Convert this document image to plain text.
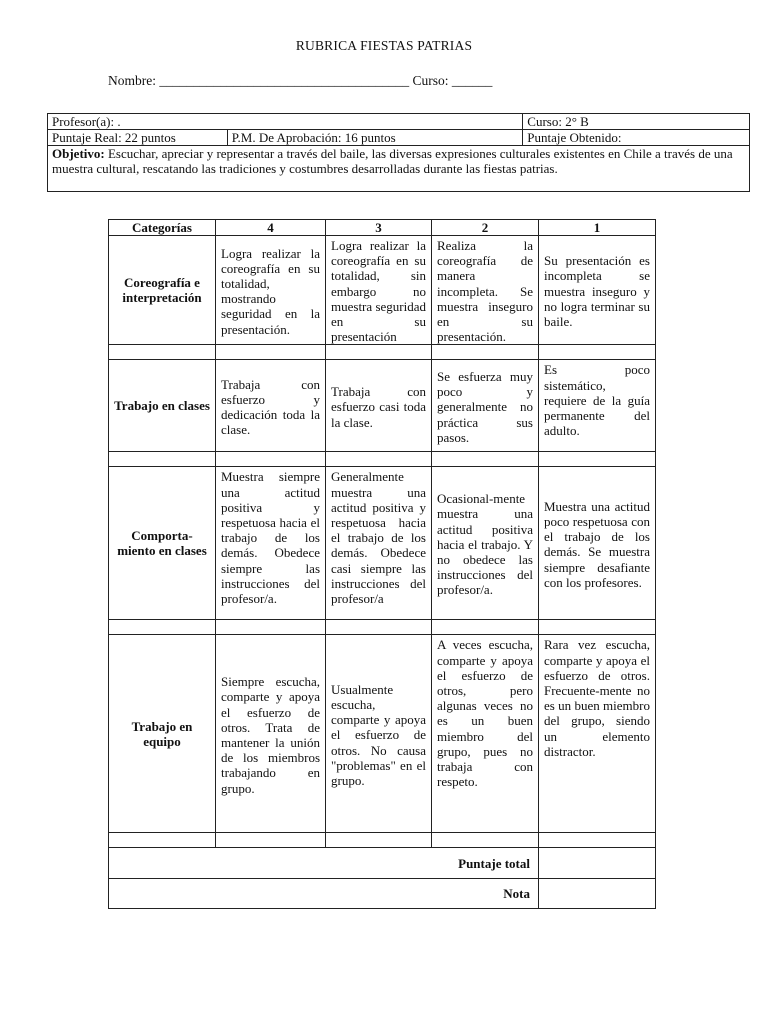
RUBRICA FIESTAS PATRIAS
Nombre: _____________________________________ Curso: ______
Profesor(a): .		Curso: 2° B
Puntaje Real: 22 puntos	P.M. De Aprobación: 16 puntos	Puntaje Obtenido:
Objetivo: Escuchar, apreciar y representar a través del baile, las diversas expresiones culturales existentes en Chile a través de una muestra cultural, rescatando las tradiciones y costumbres desarrolladas durante las fiestas patrias.		
Categorías	4	3	2	1
Coreografía e interpretación	Logra realizar la coreografía en su totalidad, mostrando seguridad en la presentación.	Logra realizar la coreografía en su totalidad, sin embargo no muestra seguridad en su presentación	Realiza la coreografía de manera incompleta. Se muestra inseguro en su presentación.	Su presentación es incompleta se muestra inseguro y no logra terminar su baile.

Trabajo en clases	Trabaja con esfuerzo y dedicación toda la clase.	Trabaja con esfuerzo casi toda la clase.	Se esfuerza muy poco y generalmente no práctica sus pasos.	Es poco sistemático, requiere de la guía permanente del adulto.

Comporta-miento en clases	Muestra siempre una actitud positiva y respetuosa hacia el trabajo de los demás. Obedece siempre las instrucciones del profesor/a.	Generalmente muestra una actitud positiva y respetuosa hacia el trabajo de los demás. Obedece casi siempre las instrucciones del profesor/a	Ocasional-mente muestra una actitud positiva hacia el trabajo. Y no obedece las instrucciones del profesor/a.	Muestra una actitud poco respetuosa con el trabajo de los demás. Se muestra siempre desafiante con los profesores.

Trabajo en equipo	Siempre escucha, comparte y apoya el esfuerzo de otros. Trata de mantener la unión de los miembros trabajando en grupo.	Usualmente escucha, comparte y apoya el esfuerzo de otros. No causa "problemas" en el grupo.	A veces escucha, comparte y apoya el esfuerzo de otros, pero algunas veces no es un buen miembro del grupo, pues no trabaja con respeto.	Rara vez escucha, comparte y apoya el esfuerzo de otros. Frecuente-mente no es un buen miembro del grupo, siendo un elemento distractor.

Puntaje total				
Nota				
